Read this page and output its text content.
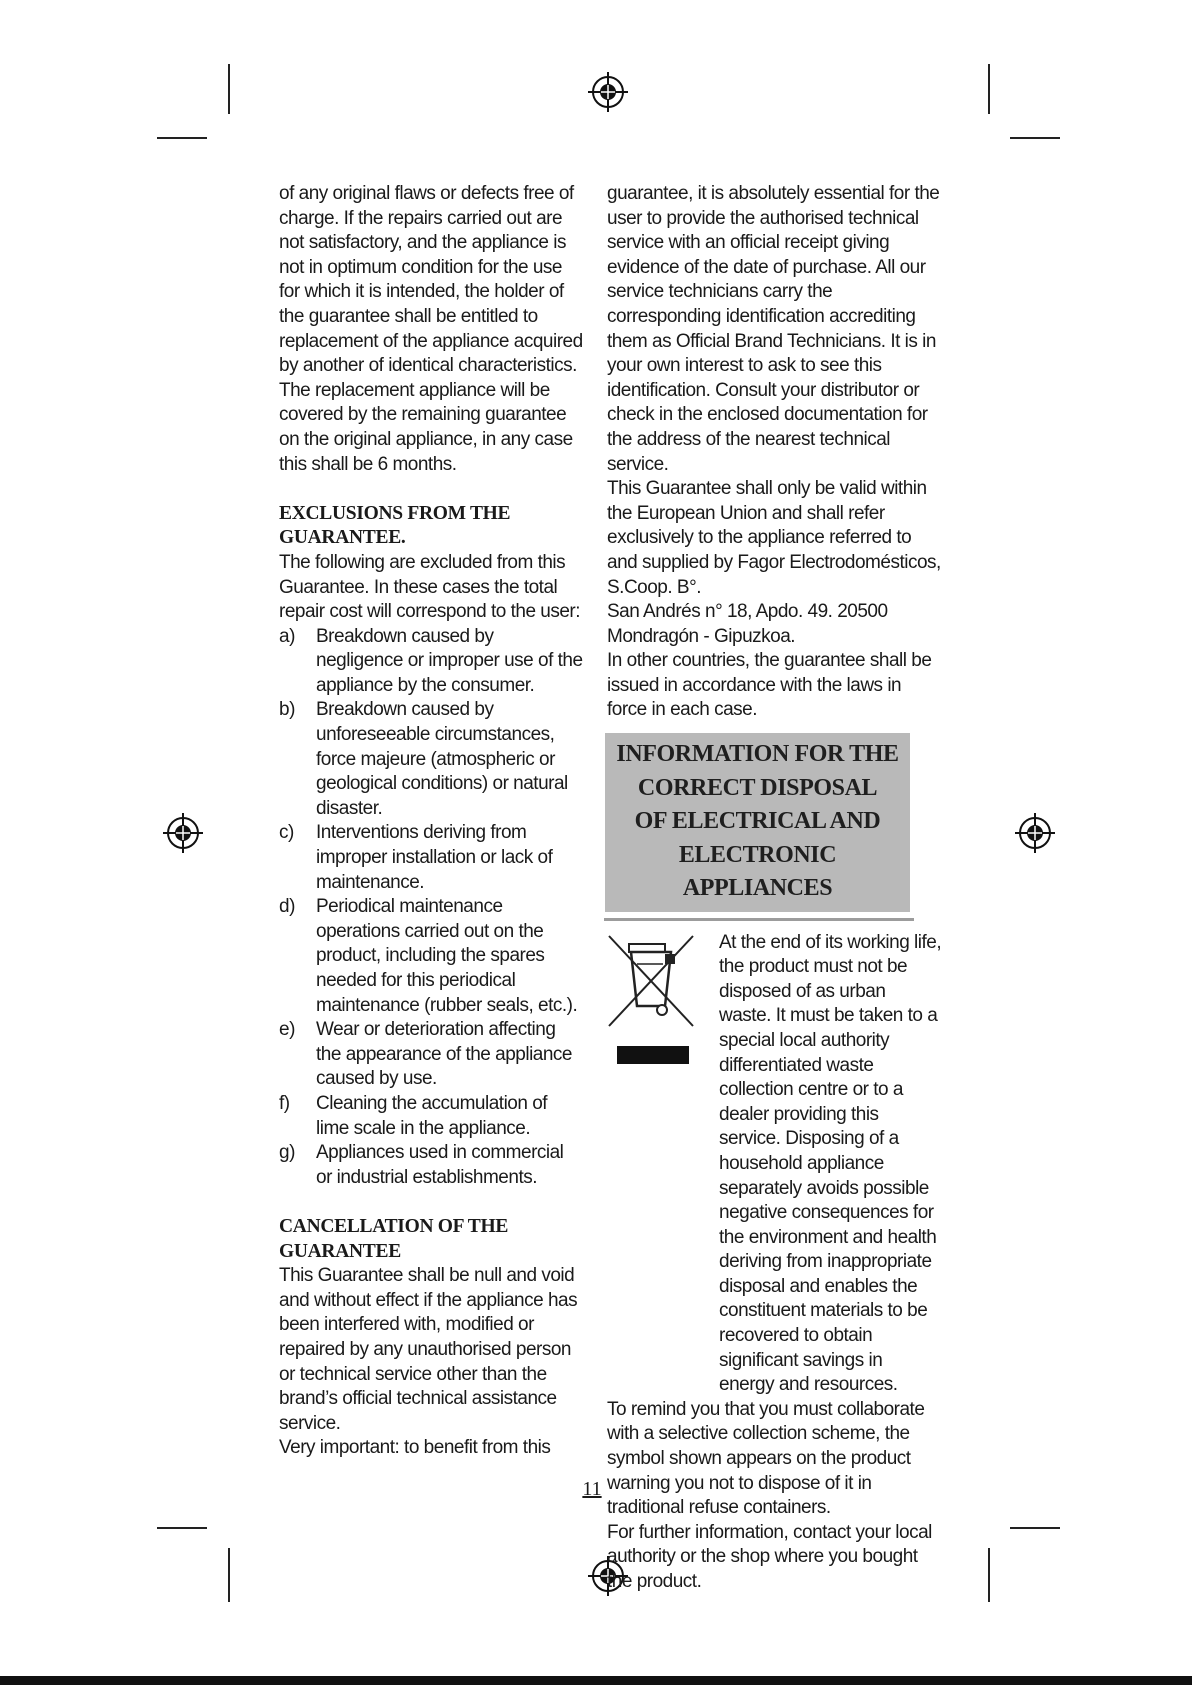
of any original flaws or defects free of charge. If the repairs carried out are not satisfactory, and the appliance is not in optimum condition for the use for which it is intended, the holder of the guarantee shall be entitled to replacement of the appliance acquired by another of identical characteristics. The replacement appliance will be covered by the remaining guarantee on the original appliance, in any case this shall be 6 months.

EXCLUSIONS FROM THE
GUARANTEE.

The following are excluded from this Guarantee. In these cases the total repair cost will correspond to the user:

a)	Breakdown caused by negligence or improper use of the appliance by the consumer.
b)	Breakdown caused by unforeseeable circumstances, force majeure (atmospheric or geological conditions) or natural disaster.
c)	Interventions deriving from improper installation or lack of maintenance.
d)	Periodical maintenance operations carried out on the product, including the spares needed for this periodical maintenance (rubber seals, etc.).
e)	Wear or deterioration affecting the appearance of the appliance caused by use.
f)	Cleaning the accumulation of lime scale in the appliance.
g)	Appliances used in commercial or industrial establishments.
CANCELLATION OF THE
GUARANTEE

This Guarantee shall be null and void and without effect if the appliance has been interfered with, modified or repaired by any unauthorised person or technical service other than the brand’s official technical assistance service.

Very important: to benefit from this

guarantee, it is absolutely essential for the user to provide the authorised technical service with an official receipt giving evidence of the date of purchase. All our service technicians carry the corresponding identification accrediting them as Official Brand Technicians. It is in your own interest to ask to see this identification. Consult your distributor or check in the enclosed documentation for the address of the nearest technical service.

This Guarantee shall only be valid within the European Union and shall refer exclusively to the appliance referred to and supplied by Fagor Electrodomésticos, S.Coop. B°.

San Andrés n° 18, Apdo. 49. 20500 Mondragón - Gipuzkoa.

In other countries, the guarantee shall be issued in accordance with the laws in force in each case.

INFORMATION FOR THE
CORRECT DISPOSAL
OF ELECTRICAL AND
ELECTRONIC APPLIANCES

At the end of its working life, the product must not be disposed of as urban waste. It must be taken to a special local authority differentiated waste collection centre or to a dealer providing this service. Disposing of a household appliance separately avoids possible negative consequences for the environment and health deriving from inappropriate disposal and enables the constituent materials to be recovered to obtain significant savings in energy and resources.

To remind you that you must collaborate with a selective collection scheme, the symbol shown appears on the product warning you not to dispose of it in traditional refuse containers.

For further information, contact your local authority or the shop where you bought the product.

11
